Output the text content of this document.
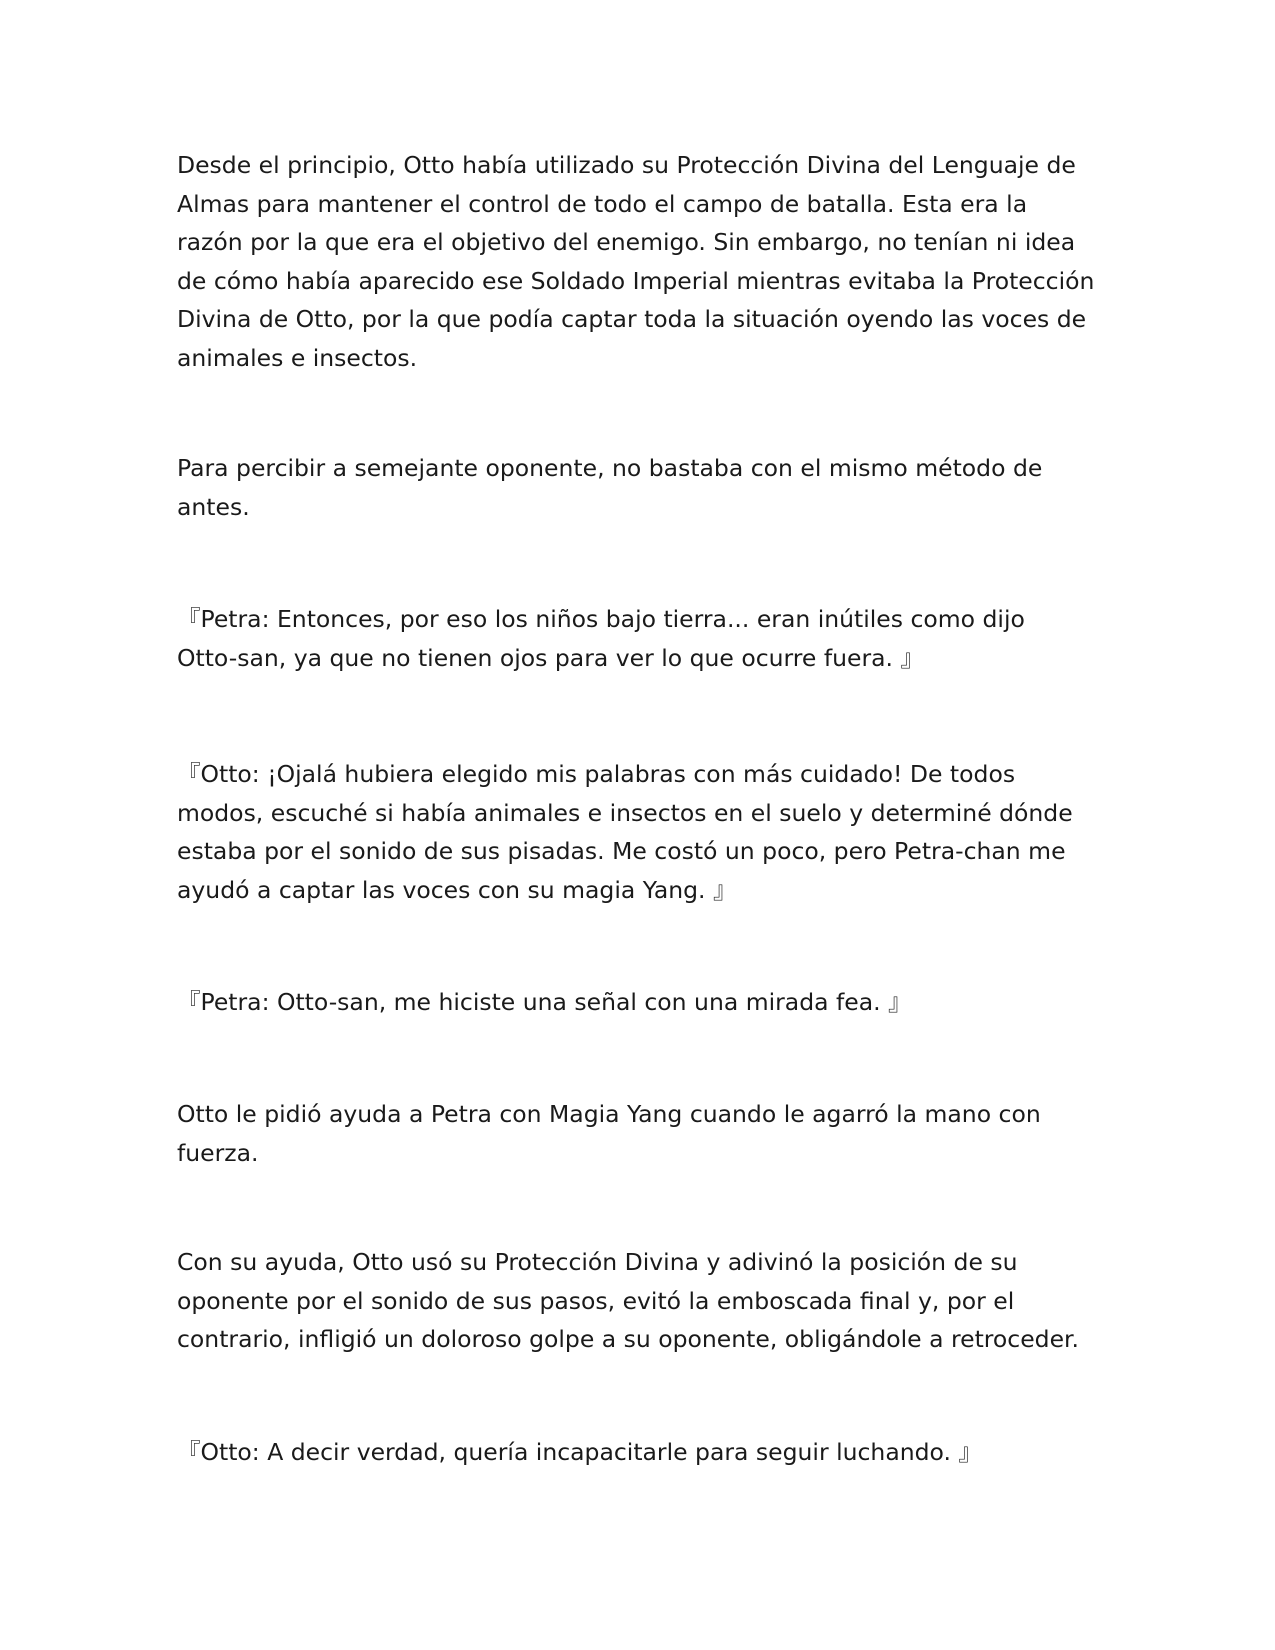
Desde el principio, Otto había utilizado su Protección Divina del Lenguaje de
Almas para mantener el control de todo el campo de batalla. Esta era la
razón por la que era el objetivo del enemigo. Sin embargo, no tenían ni idea
de cómo había aparecido ese Soldado Imperial mientras evitaba la Protección
Divina de Otto, por la que podía captar toda la situación oyendo las voces de
animales e insectos.

Para percibir a semejante oponente, no bastaba con el mismo método de
antes.

『Petra: Entonces, por eso los niños bajo tierra... eran inútiles como dijo
Otto-san, ya que no tienen ojos para ver lo que ocurre fuera. 』

『Otto: ¡Ojalá hubiera elegido mis palabras con más cuidado! De todos
modos, escuché si había animales e insectos en el suelo y determiné dónde
estaba por el sonido de sus pisadas. Me costó un poco, pero Petra-chan me
ayudó a captar las voces con su magia Yang. 』

『Petra: Otto-san, me hiciste una señal con una mirada fea. 』

Otto le pidió ayuda a Petra con Magia Yang cuando le agarró la mano con
fuerza.

Con su ayuda, Otto usó su Protección Divina y adivinó la posición de su
oponente por el sonido de sus pasos, evitó la emboscada final y, por el
contrario, infligió un doloroso golpe a su oponente, obligándole a retroceder.

『Otto: A decir verdad, quería incapacitarle para seguir luchando. 』
